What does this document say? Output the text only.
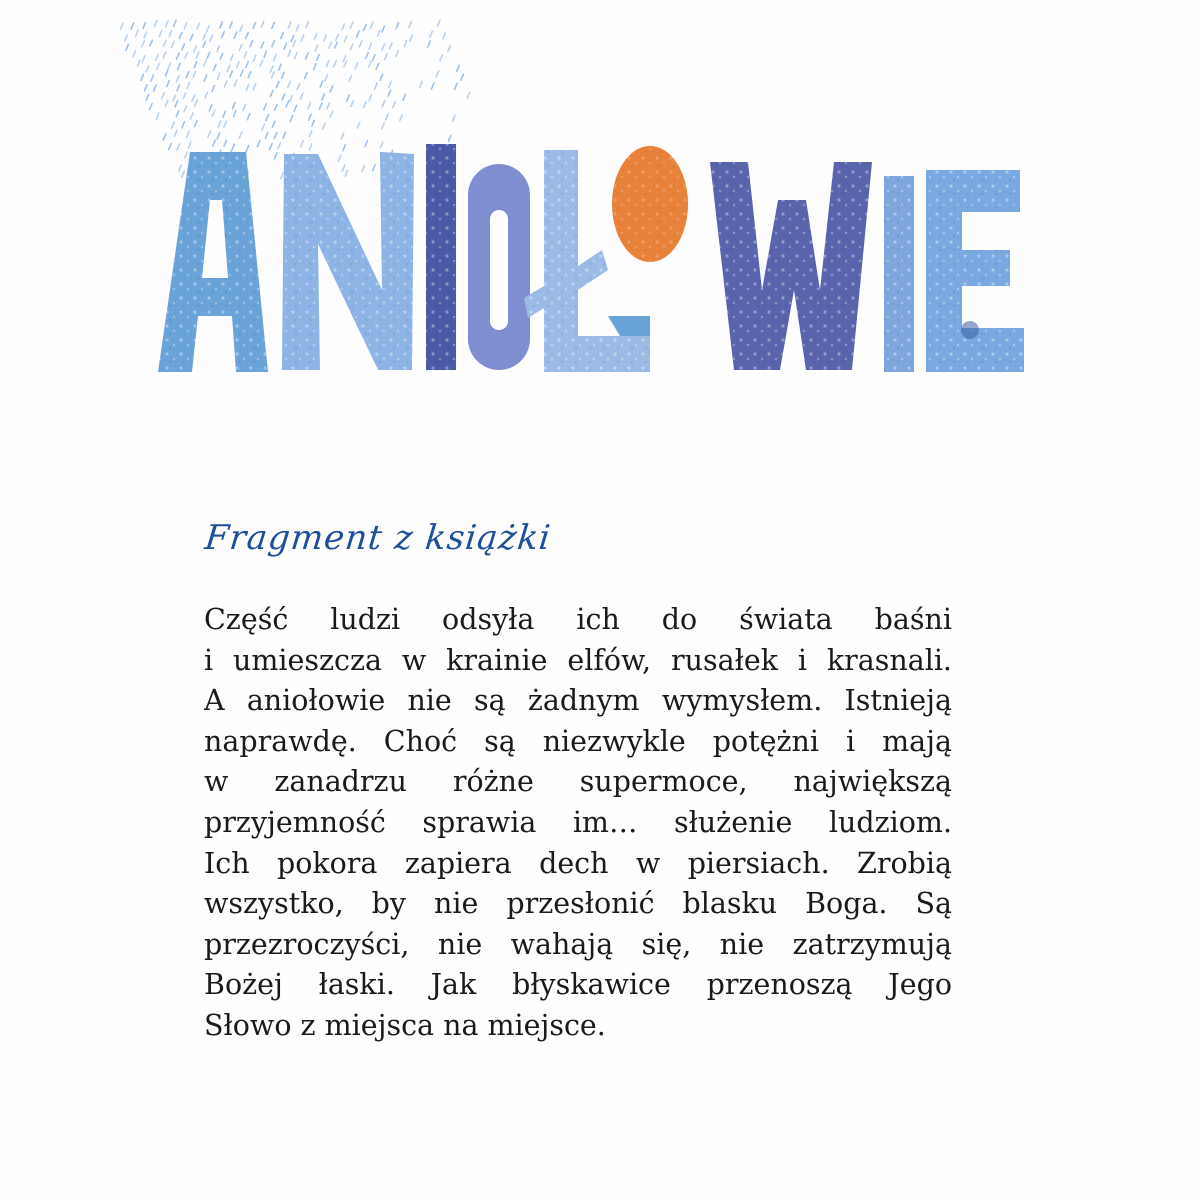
Fragment z książki
Część ludzi odsyła ich do świata baśni
i umieszcza w krainie elfów, rusałek i krasnali.
A aniołowie nie są żadnym wymysłem. Istnieją
naprawdę. Choć są niezwykle potężni i mają
w zanadrzu różne supermoce, największą
przyjemność sprawia im… służenie ludziom.
Ich pokora zapiera dech w piersiach. Zrobią
wszystko, by nie przesłonić blasku Boga. Są
przezroczyści, nie wahają się, nie zatrzymują
Bożej łaski. Jak błyskawice przenoszą Jego
Słowo z miejsca na miejsce.
